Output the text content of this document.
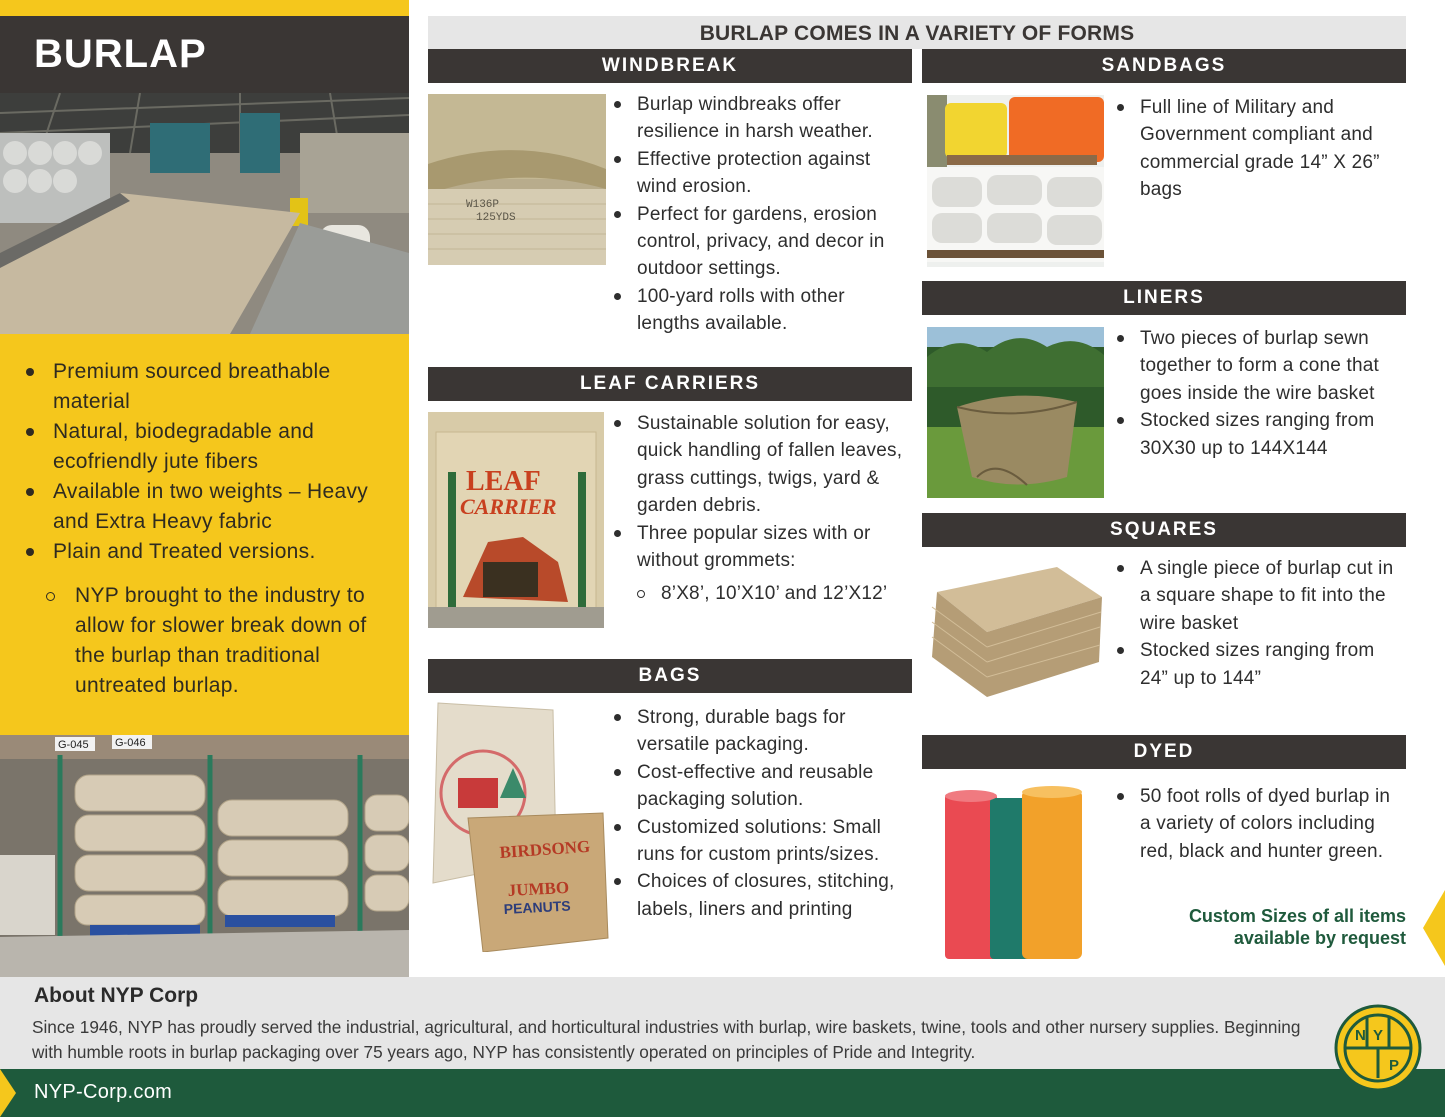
BURLAP
Premium sourced breathable material
Natural, biodegradable and ecofriendly jute fibers
Available in two weights – Heavy and Extra Heavy fabric
Plain and Treated versions.
NYP brought to the industry to allow for slower break down of the burlap than traditional untreated burlap.
G-045 G-046
BURLAP COMES IN A VARIETY OF FORMS
WINDBREAK
W136P
125YDS
Burlap windbreaks offer resilience in harsh weather.
Effective protection against wind erosion.
Perfect for gardens, erosion control, privacy, and decor in outdoor settings.
100-yard rolls with other lengths available.
LEAF CARRIERS
LEAF
CARRIER
Sustainable solution for easy, quick handling of fallen leaves, grass cuttings, twigs, yard & garden debris.
Three popular sizes with or without grommets:
8’X8’, 10’X10’ and 12’X12’
BAGS
BIRDSONG
JUMBO
PEANUTS
Strong, durable bags for versatile packaging.
Cost-effective and reusable packaging solution.
Customized solutions: Small runs for custom prints/sizes.
Choices of closures, stitching, labels, liners and printing
SANDBAGS
Full line of Military and Government compliant and commercial grade 14” X 26” bags
LINERS
Two pieces of burlap sewn together to form a cone that goes inside the wire basket
Stocked sizes ranging from 30X30 up to 144X144
SQUARES
A single piece of burlap cut in a square shape to fit into the wire basket
Stocked sizes ranging from 24” up to 144”
DYED
50 foot rolls of dyed burlap in a variety of colors including red, black and hunter green.
Custom Sizes of all items
available by request
About NYP Corp
Since 1946, NYP has proudly served the industrial, agricultural, and horticultural industries with burlap, wire baskets, twine, tools and other nursery supplies. Beginning with humble roots in burlap packaging over 75 years ago, NYP has consistently operated on principles of Pride and Integrity.
NYP-Corp.com
N Y
P
